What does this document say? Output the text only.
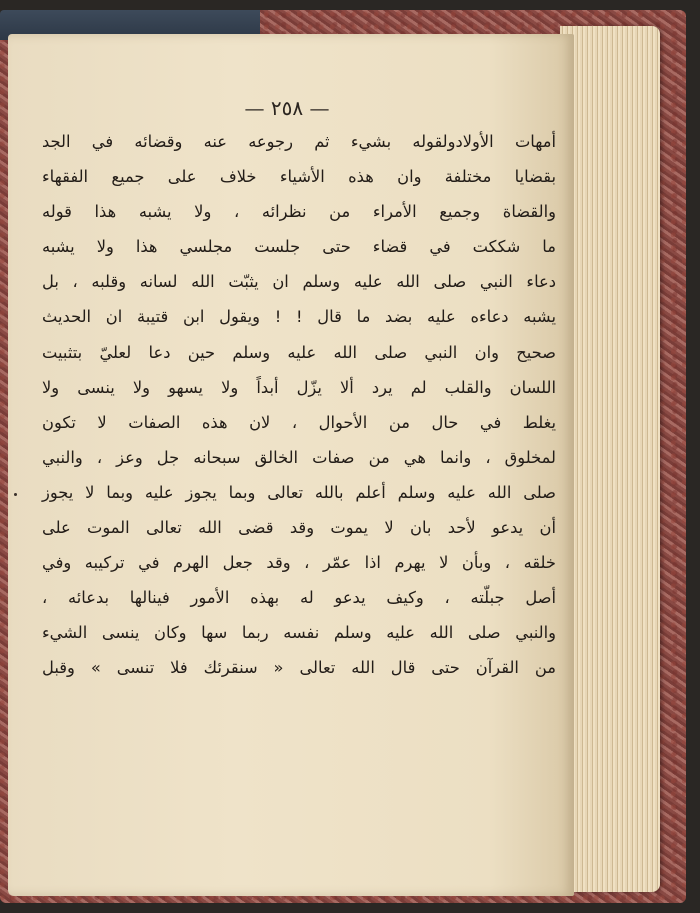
— ٢٥٨ —
أمهات الأولادولقوله بشيء ثم رجوعه عنه وقضائه في الجد
بقضايا مختلفة وان هذه الأشياء خلاف على جميع الفقهاء
والقضاة وجميع الأمراء من نظرائه ، ولا يشبه هذا قوله
ما شككت في قضاء حتى جلست مجلسي هذا ولا يشبه
دعاء النبي صلى الله عليه وسلم ان يثبّت الله لسانه وقلبه ، بل
يشبه دعاءه عليه بضد ما قال ! ! ويقول ابن قتيبة ان الحديث
صحيح وان النبي صلى الله عليه وسلم حين دعا لعليّ بتثبيت
اللسان والقلب لم يرد ألا يزّل أبداً ولا يسهو ولا ينسى ولا
يغلط في حال من الأحوال ، لان هذه الصفات لا تكون
لمخلوق ، وانما هي من صفات الخالق سبحانه جل وعز ، والنبي
صلى الله عليه وسلم أعلم بالله تعالى وبما يجوز عليه وبما لا يجوز
أن يدعو لأحد بان لا يموت وقد قضى الله تعالى الموت على
خلقه ، وبأن لا يهرم اذا عمّر ، وقد جعل الهرم في تركيبه وفي
أصل جبلّته ، وكيف يدعو له بهذه الأمور فينالها بدعائه ،
والنبي صلى الله عليه وسلم نفسه ربما سها وكان ينسى الشيء
من القرآن حتى قال الله تعالى « سنقرئك فلا تنسى » وقبل
